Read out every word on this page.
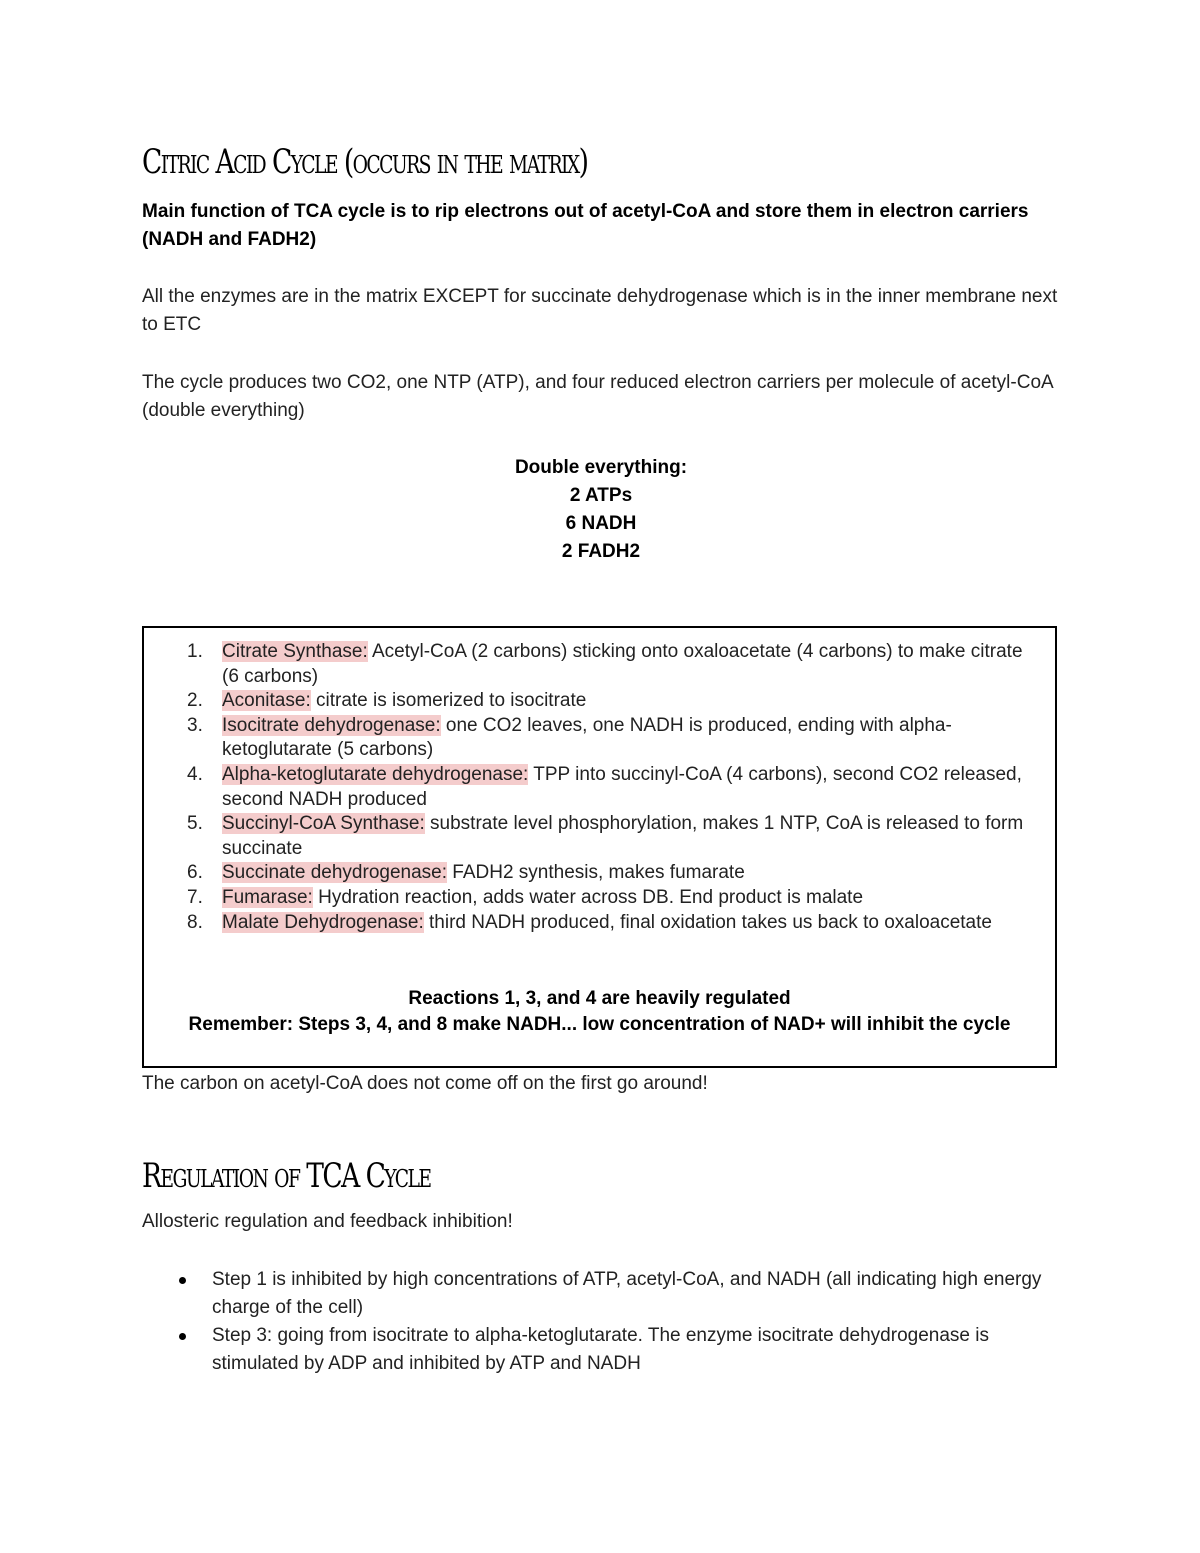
Citric Acid Cycle (occurs in the matrix)

Main function of TCA cycle is to rip electrons out of acetyl-CoA and store them in electron carriers (NADH and FADH2)

All the enzymes are in the matrix EXCEPT for succinate dehydrogenase which is in the inner membrane next to ETC

The cycle produces two CO2, one NTP (ATP), and four reduced electron carriers per molecule of acetyl-CoA (double everything)

Double everything:

2 ATPs

6 NADH

2 FADH2

1.	Citrate Synthase: Acetyl-CoA (2 carbons) sticking onto oxaloacetate (4 carbons) to make citrate (6 carbons)
2.	Aconitase: citrate is isomerized to isocitrate
3.	Isocitrate dehydrogenase: one CO2 leaves, one NADH is produced, ending with alpha-ketoglutarate (5 carbons)
4.	Alpha-ketoglutarate dehydrogenase: TPP into succinyl-CoA (4 carbons), second CO2 released, second NADH produced
5.	Succinyl-CoA Synthase: substrate level phosphorylation, makes 1 NTP, CoA is released to form succinate
6.	Succinate dehydrogenase: FADH2 synthesis, makes fumarate
7.	Fumarase: Hydration reaction, adds water across DB. End product is malate
8.	Malate Dehydrogenase: third NADH produced, final oxidation takes us back to oxaloacetate
Reactions 1, 3, and 4 are heavily regulated
Remember: Steps 3, 4, and 8 make NADH... low concentration of NAD+ will inhibit the cycle

The carbon on acetyl-CoA does not come off on the first go around!

Regulation of TCA Cycle

Allosteric regulation and feedback inhibition!

Step 1 is inhibited by high concentrations of ATP, acetyl-CoA, and NADH (all indicating high energy charge of the cell)
Step 3: going from isocitrate to alpha-ketoglutarate. The enzyme isocitrate dehydrogenase is stimulated by ADP and inhibited by ATP and NADH
